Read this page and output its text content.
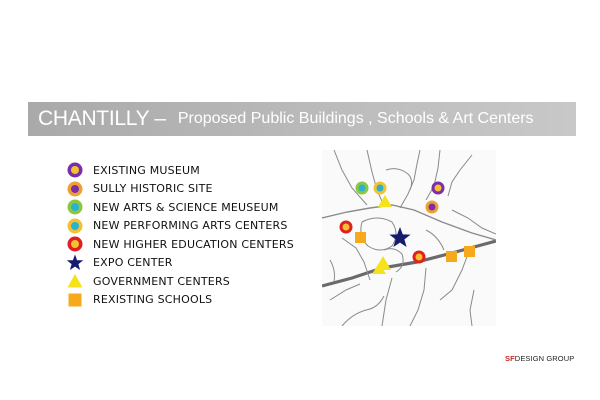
CHANTILLY – Proposed Public Buildings , Schools & Art Centers
EXISTING MUSEUM
SULLY HISTORIC SITE
NEW ARTS & SCIENCE MEUSEUM
NEW PERFORMING ARTS CENTERS
NEW HIGHER EDUCATION CENTERS
EXPO CENTER
GOVERNMENT CENTERS
REXISTING SCHOOLS
SFDESIGN GROUP
